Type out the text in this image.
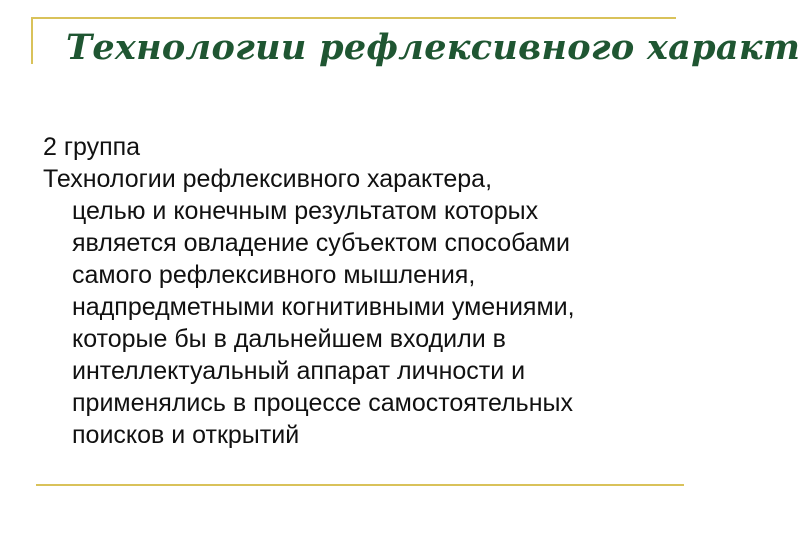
Технологии рефлексивного характ
2 группа
Технологии рефлексивного характера,
целью и конечным результатом которых
является овладение субъектом способами
самого рефлексивного мышления,
надпредметными когнитивными умениями,
которые бы в дальнейшем входили в
интеллектуальный аппарат личности и
применялись в процессе самостоятельных
поисков и открытий
